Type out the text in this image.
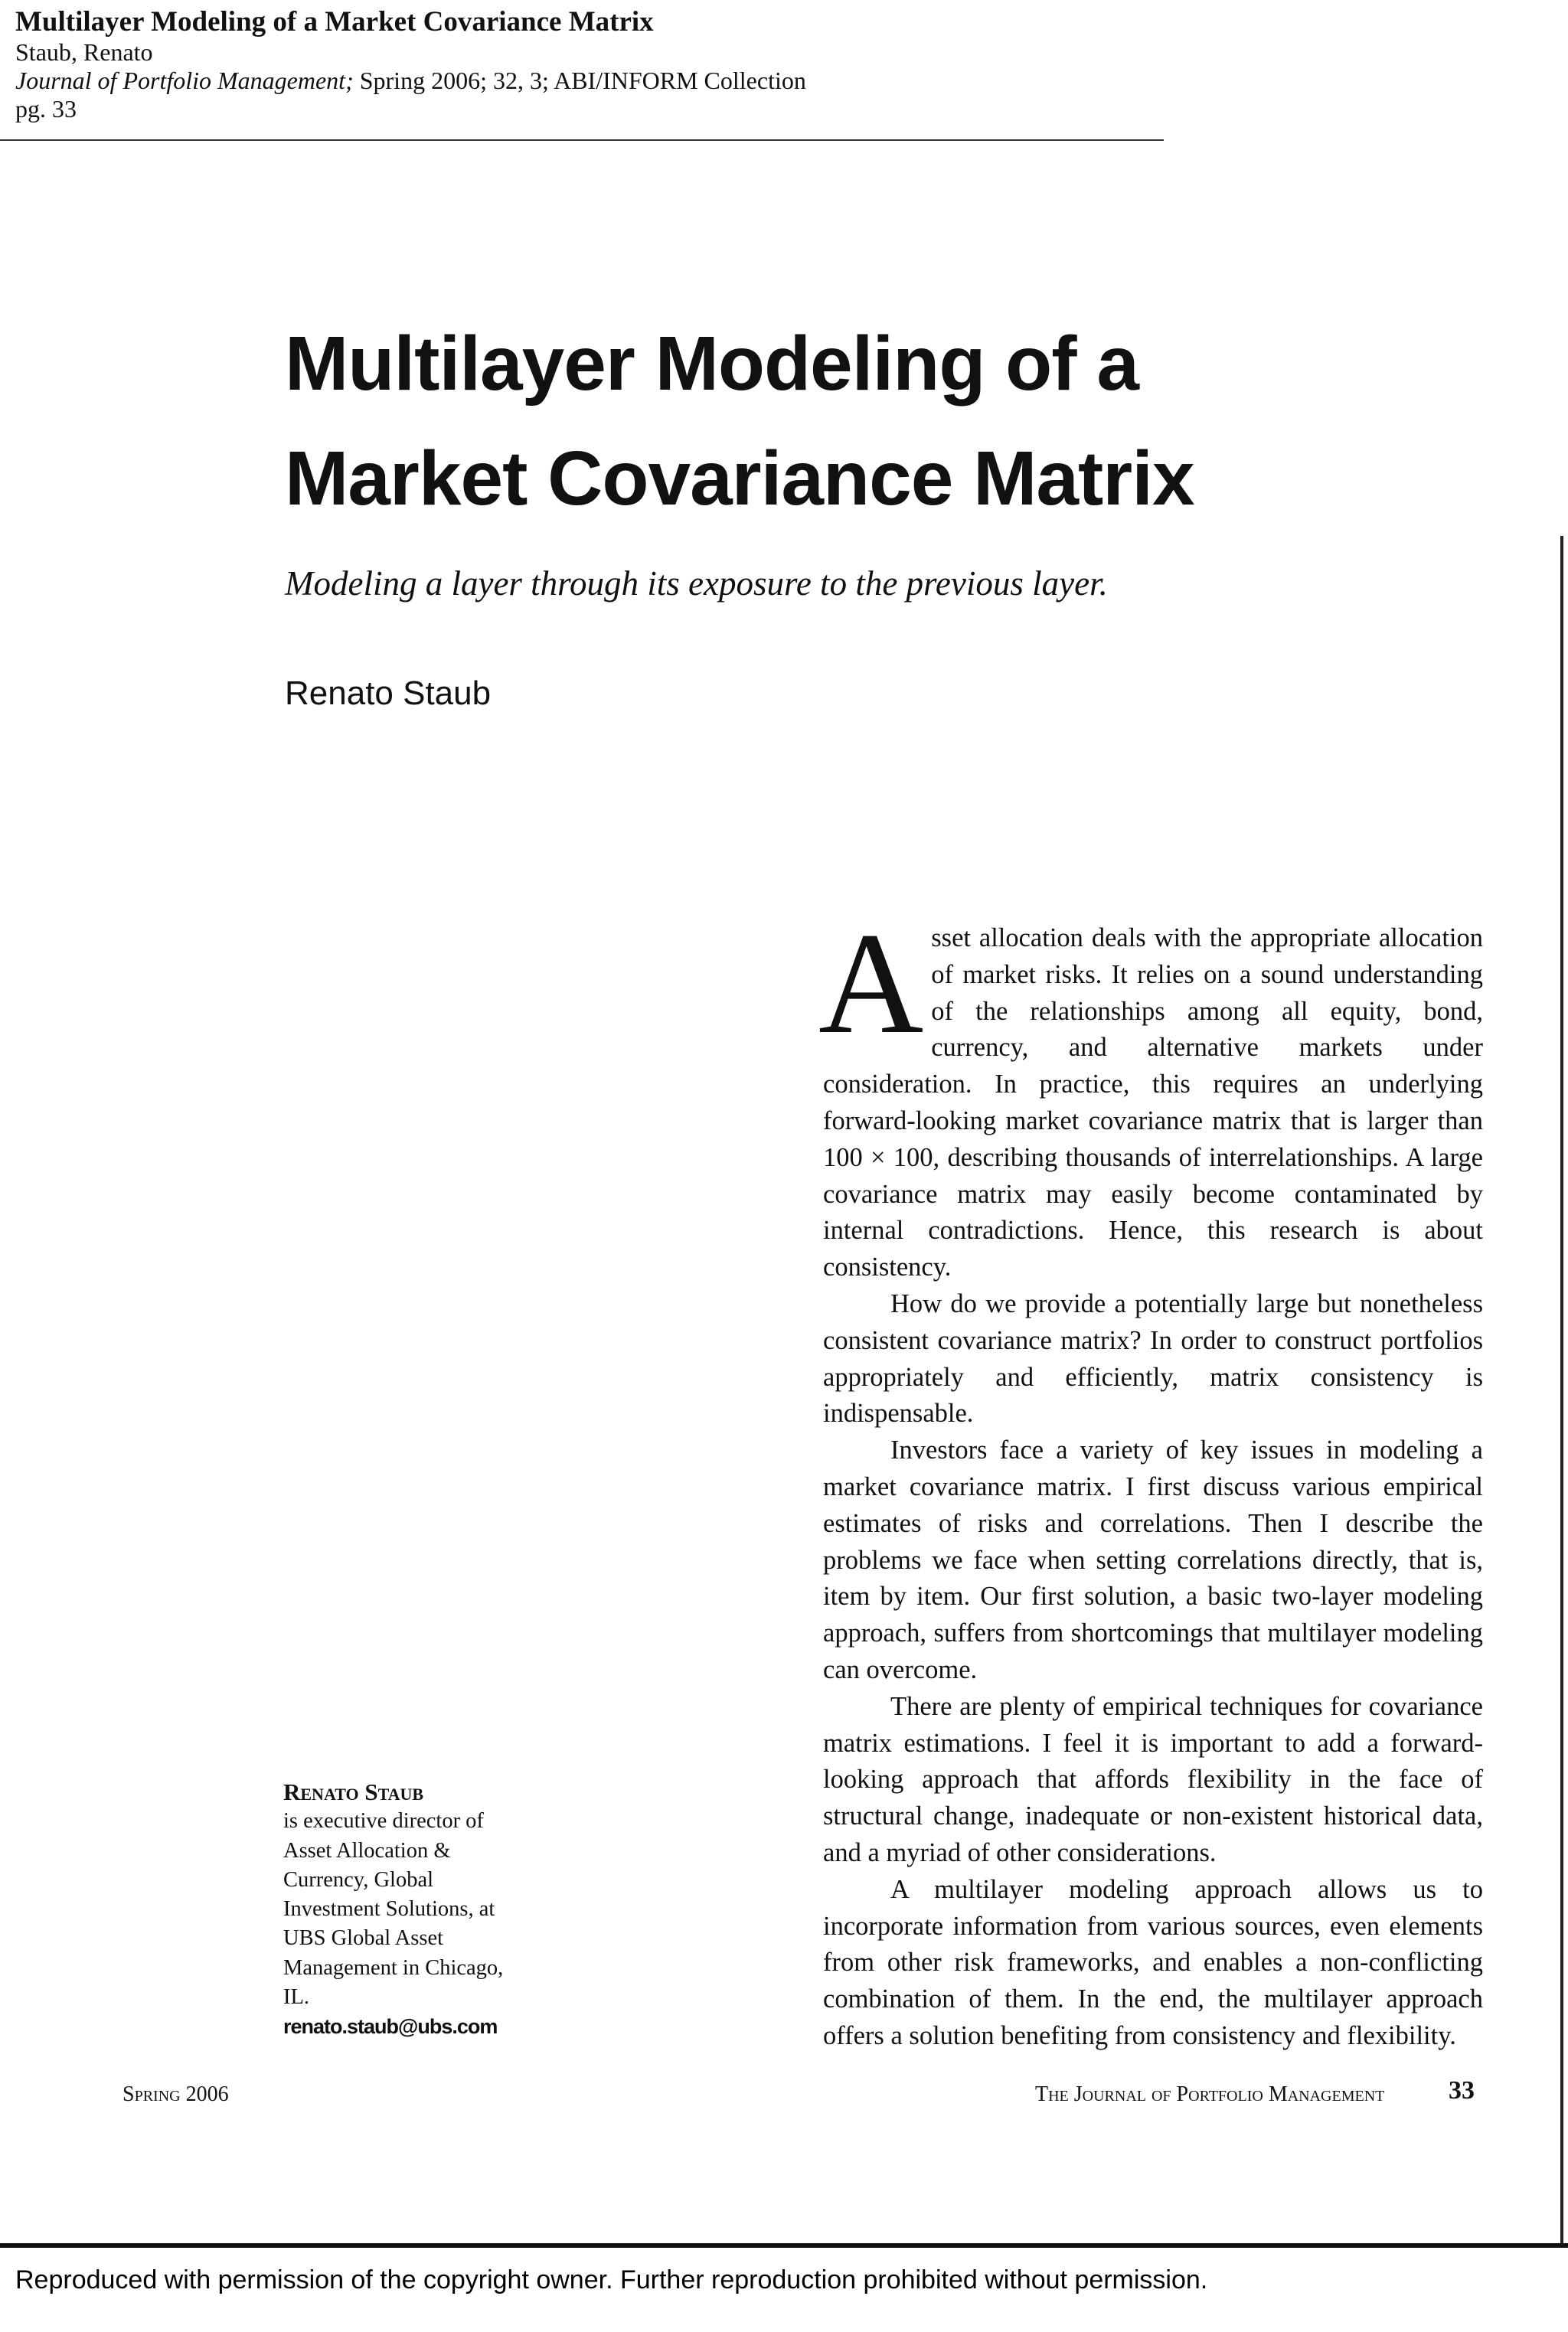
Multilayer Modeling of a Market Covariance Matrix

Staub, Renato

Journal of Portfolio Management; Spring 2006; 32, 3; ABI/INFORM Collection

pg. 33

Multilayer Modeling of a
Market Covariance Matrix

Modeling a layer through its exposure to the previous layer.

Renato Staub

Asset allocation deals with the appropriate allocation of market risks. It relies on a sound understanding of the relationships among all equity, bond, currency, and alternative markets under consideration. In practice, this requires an underlying forward-looking market covariance matrix that is larger than 100 × 100, describing thousands of interrelationships. A large covariance matrix may easily become contaminated by internal contradictions. Hence, this research is about consistency.

How do we provide a potentially large but nonetheless consistent covariance matrix? In order to construct portfolios appropriately and efficiently, matrix consistency is indispensable.

Investors face a variety of key issues in modeling a market covariance matrix. I first discuss various empirical estimates of risks and correlations. Then I describe the problems we face when setting correlations directly, that is, item by item. Our first solution, a basic two-layer modeling approach, suffers from shortcomings that multilayer modeling can overcome.

There are plenty of empirical techniques for covariance matrix estimations. I feel it is important to add a forward-looking approach that affords flexibility in the face of structural change, inadequate or non-existent historical data, and a myriad of other considerations.

A multilayer modeling approach allows us to incorporate information from various sources, even elements from other risk frameworks, and enables a non-conflicting combination of them. In the end, the multilayer approach offers a solution benefiting from consistency and flexibility.

Renato Staub

is executive director of Asset Allocation & Currency, Global Investment Solutions, at UBS Global Asset Management in Chicago, IL.

renato.staub@ubs.com

Spring 2006	The Journal of Portfolio Management 33

Reproduced with permission of the copyright owner. Further reproduction prohibited without permission.
